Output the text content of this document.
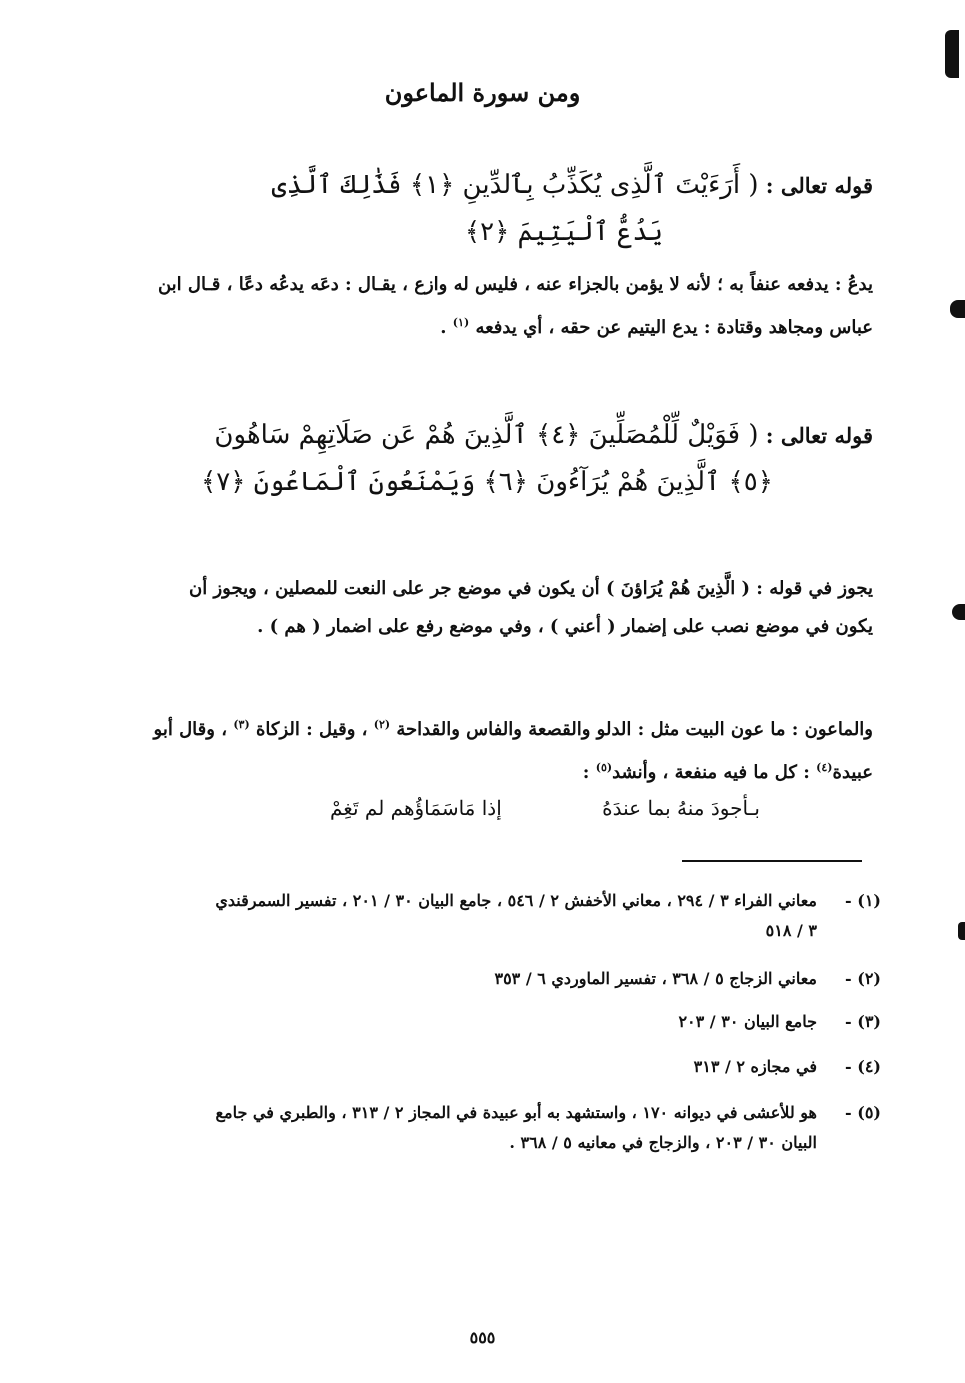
ومن سورة الماعون
قوله تعالى : ( أَرَءَيْتَ ٱلَّذِى يُكَذِّبُ بِٱلدِّينِ ﴿١﴾ فَذَٰلِكَ ٱلَّذِى
يَدُعُّ ٱلْيَتِيمَ ﴿٢﴾
يدعُ : يدفعه عنفاً به ؛ لأنه لا يؤمن بالجزاء عنه ، فليس له وازع ، يقـال : دعَه يدعُه دعًا ، قـال ابن
عباس ومجاهد وقتادة : يدع اليتيم عن حقه ، أي يدفعه $^{(١)}$ .
قوله تعالى : ( فَوَيْلٌ لِّلْمُصَلِّينَ ﴿٤﴾ ٱلَّذِينَ هُمْ عَن صَلَاتِهِمْ سَاهُونَ
﴿٥﴾ ٱلَّذِينَ هُمْ يُرَآءُونَ ﴿٦﴾ وَيَمْنَعُونَ ٱلْمَاعُونَ ﴿٧﴾
يجوز في قوله : ( الَّذِينَ هُمْ يُرَاؤنَ ) أن يكون في موضع جر على النعت للمصلين ، ويجوز أن
يكون في موضع نصب على إضمار ( أعني ) ، وفي موضع رفع على اضمار ( هم ) .
والماعون : ما عون البيت مثل : الدلو والقصعة والفاس والقداحة $^{(٢)}$ ، وقيل : الزكاة $^{(٣)}$ ، وقال أبو
عبيدة$^{(٤)}$ : كل ما فيه منفعة ، وأنشد$^{(٥)}$ :
بـأجودَ منهُ بما عندَهُ
إذا مَاسَمَاؤُهم لم تَغِمْ
(١) -معاني الفراء ٣ / ٢٩٤ ، معاني الأخفش ٢ / ٥٤٦ ، جامع البيان ٣٠ / ٢٠١ ، تفسير السمرقندي
٣ / ٥١٨
(٢) -معاني الزجاج ٥ / ٣٦٨ ، تفسير الماوردي ٦ / ٣٥٣
(٣) -جامع البيان ٣٠ / ٢٠٣
(٤) -في مجازه ٢ / ٣١٣
(٥) -هو للأعشى في ديوانه ١٧٠ ، واستشهد به أبو عبيدة في المجاز ٢ / ٣١٣ ، والطبري في جامع
البيان ٣٠ / ٢٠٣ ، والزجاج في معانيه ٥ / ٣٦٨ .
٥٥٥
